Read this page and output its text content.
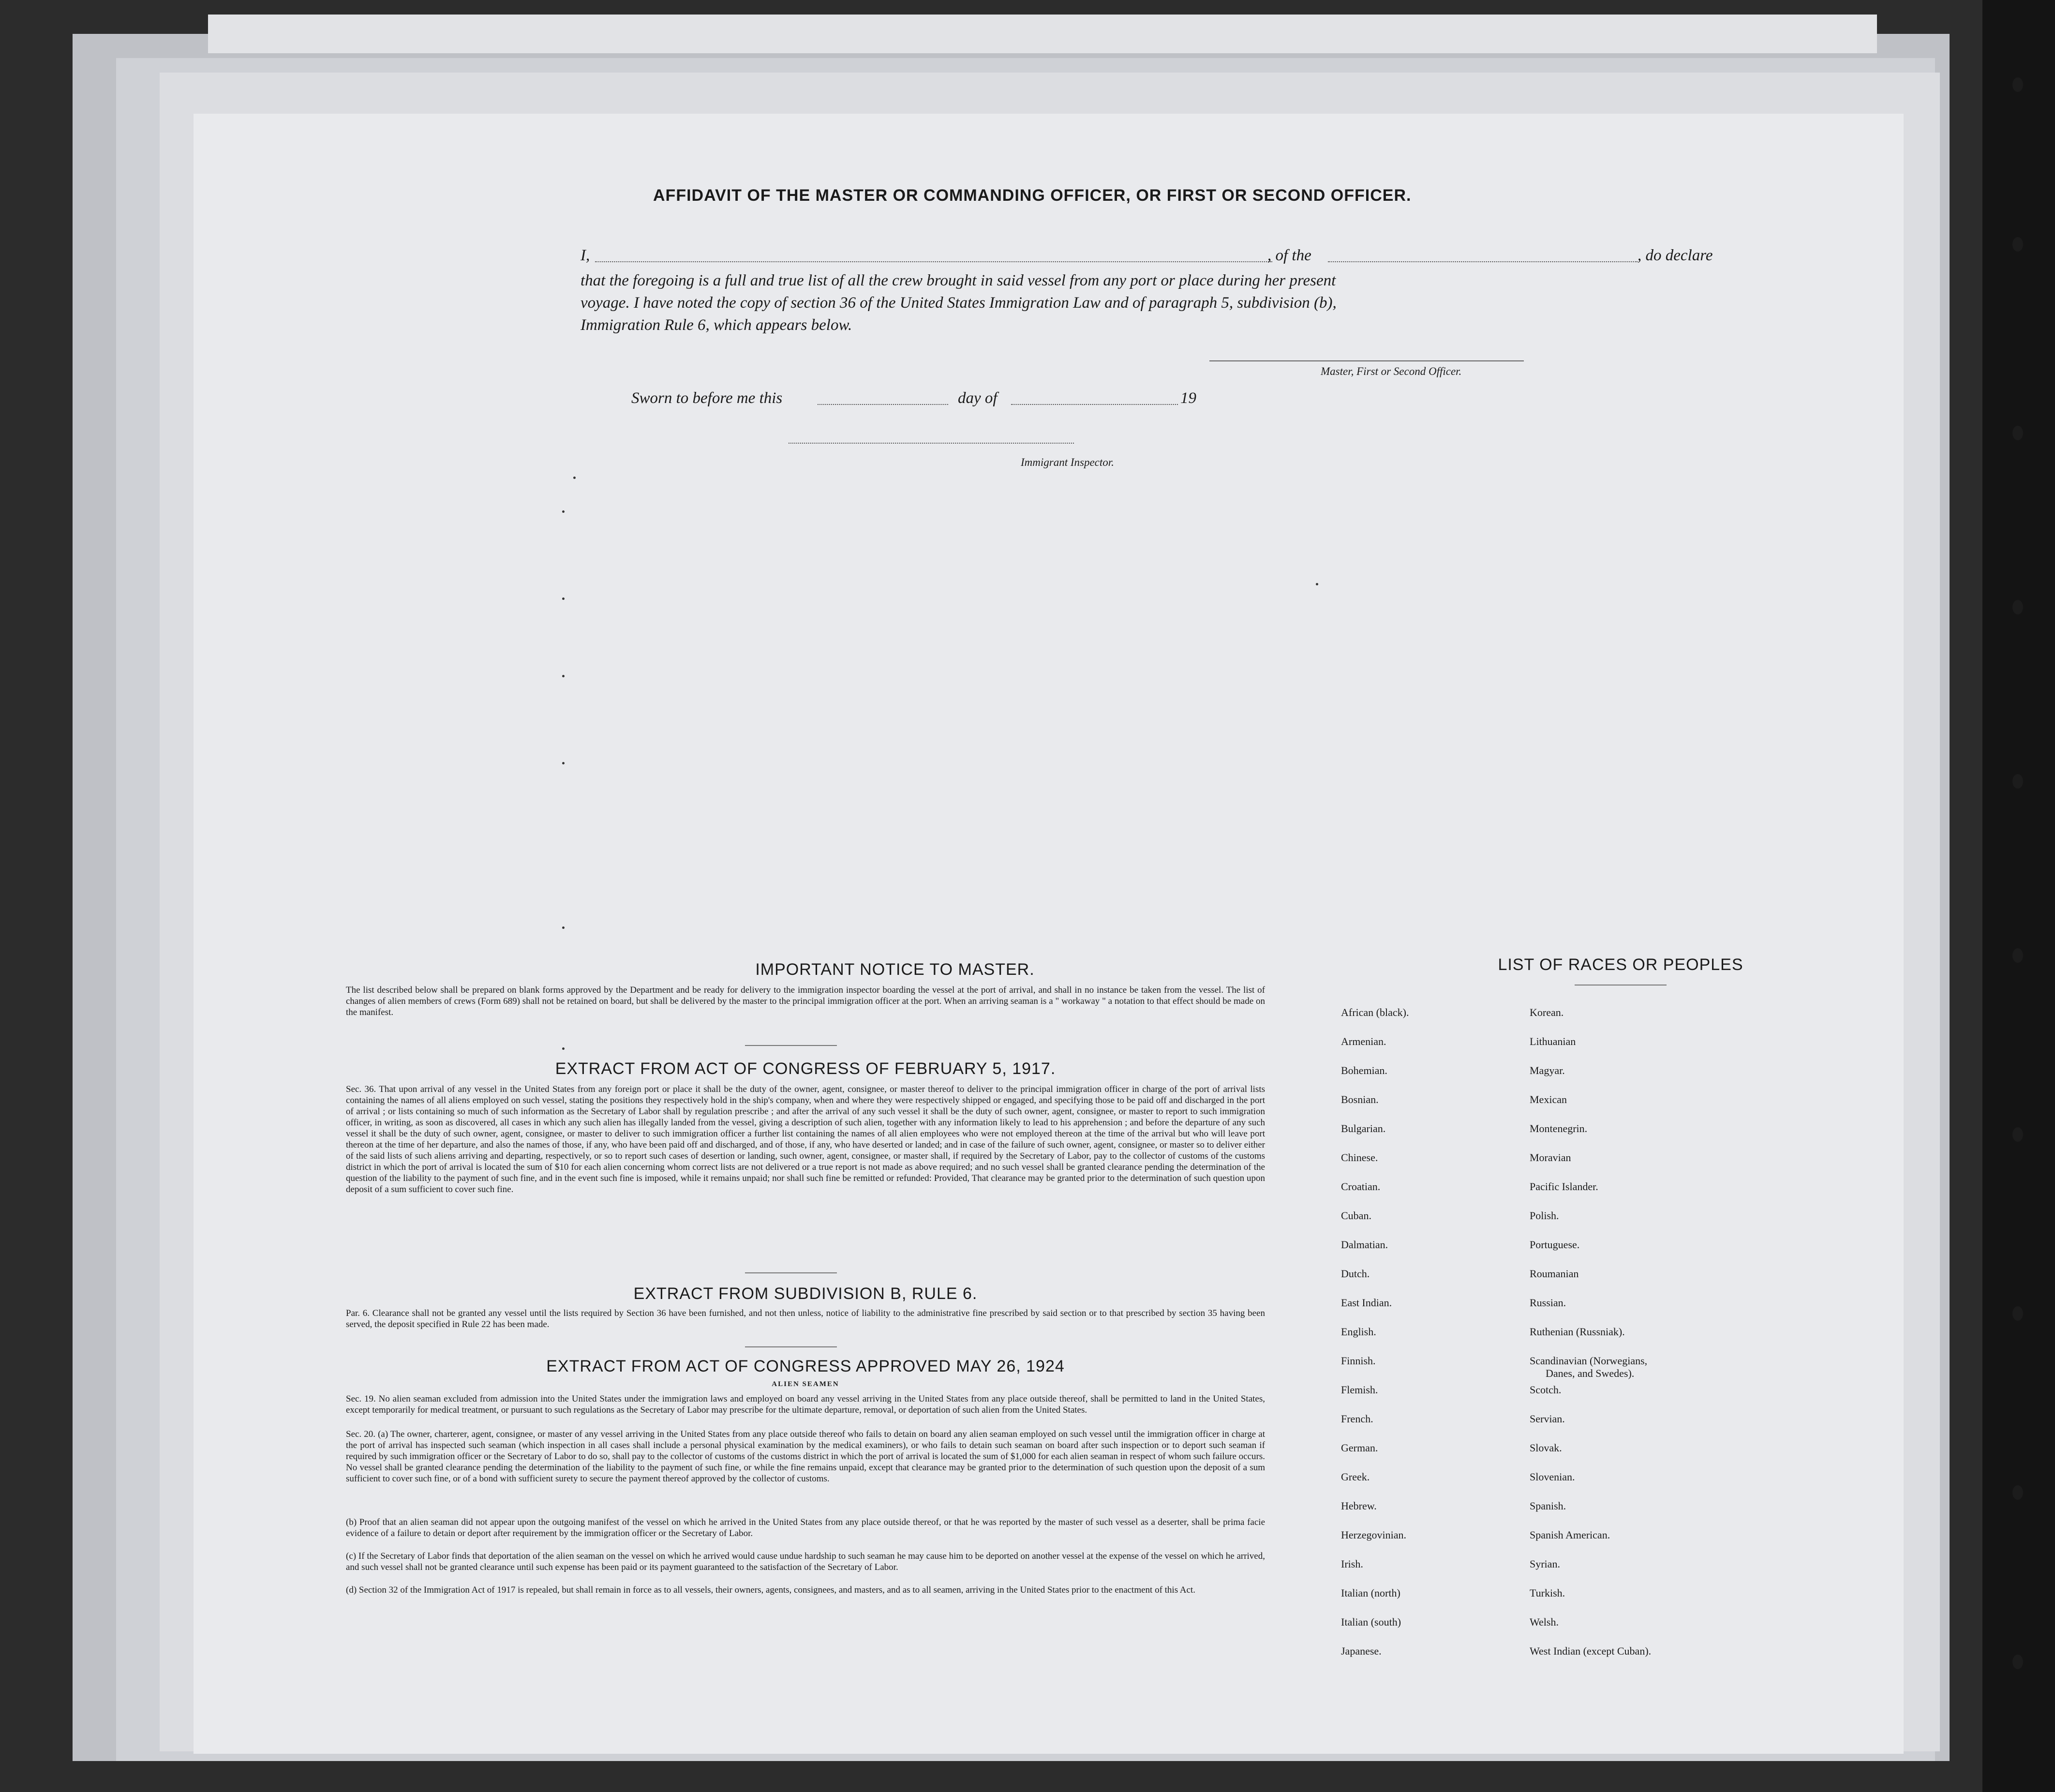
AFFIDAVIT OF THE MASTER OR COMMANDING OFFICER, OR FIRST OR SECOND OFFICER.
I,	, of the	, do declare
that the foregoing is a full and true list of all the crew brought in said vessel from any port or place during her present
voyage. I have noted the copy of section 36 of the United States Immigration Law and of paragraph 5, subdivision (b),
Immigration Rule 6, which appears below.
Master, First or Second Officer.
Sworn to before me this	day of	19
Immigrant Inspector.
IMPORTANT NOTICE TO MASTER.
The list described below shall be prepared on blank forms approved by the Department and be ready for delivery to the immigration inspector boarding the vessel at the port of arrival, and shall in no instance be taken from the vessel. The list of changes of alien members of crews (Form 689) shall not be retained on board, but shall be delivered by the master to the principal immigration officer at the port. When an arriving seaman is a " workaway " a notation to that effect should be made on the manifest.
EXTRACT FROM ACT OF CONGRESS OF FEBRUARY 5, 1917.
Sec. 36. That upon arrival of any vessel in the United States from any foreign port or place it shall be the duty of the owner, agent, consignee, or master thereof to deliver to the principal immigration officer in charge of the port of arrival lists containing the names of all aliens employed on such vessel, stating the positions they respectively hold in the ship's company, when and where they were respectively shipped or engaged, and specifying those to be paid off and discharged in the port of arrival ; or lists containing so much of such information as the Secretary of Labor shall by regulation prescribe ; and after the arrival of any such vessel it shall be the duty of such owner, agent, consignee, or master to report to such immigration officer, in writing, as soon as discovered, all cases in which any such alien has illegally landed from the vessel, giving a description of such alien, together with any information likely to lead to his apprehension ; and before the departure of any such vessel it shall be the duty of such owner, agent, consignee, or master to deliver to such immigration officer a further list containing the names of all alien employees who were not employed thereon at the time of the arrival but who will leave port thereon at the time of her departure, and also the names of those, if any, who have been paid off and discharged, and of those, if any, who have deserted or landed; and in case of the failure of such owner, agent, consignee, or master so to deliver either of the said lists of such aliens arriving and departing, respectively, or so to report such cases of desertion or landing, such owner, agent, consignee, or master shall, if required by the Secretary of Labor, pay to the collector of customs of the customs district in which the port of arrival is located the sum of $10 for each alien concerning whom correct lists are not delivered or a true report is not made as above required; and no such vessel shall be granted clearance pending the determination of the question of the liability to the payment of such fine, and in the event such fine is imposed, while it remains unpaid; nor shall such fine be remitted or refunded: Provided, That clearance may be granted prior to the determination of such question upon deposit of a sum sufficient to cover such fine.
EXTRACT FROM SUBDIVISION B, RULE 6.
Par. 6. Clearance shall not be granted any vessel until the lists required by Section 36 have been furnished, and not then unless, notice of liability to the administrative fine prescribed by said section or to that prescribed by section 35 having been served, the deposit specified in Rule 22 has been made.
EXTRACT FROM ACT OF CONGRESS APPROVED MAY 26, 1924
ALIEN SEAMEN
Sec. 19. No alien seaman excluded from admission into the United States under the immigration laws and employed on board any vessel arriving in the United States from any place outside thereof, shall be permitted to land in the United States, except temporarily for medical treatment, or pursuant to such regulations as the Secretary of Labor may prescribe for the ultimate departure, removal, or deportation of such alien from the United States.
Sec. 20. (a) The owner, charterer, agent, consignee, or master of any vessel arriving in the United States from any place outside thereof who fails to detain on board any alien seaman employed on such vessel until the immigration officer in charge at the port of arrival has inspected such seaman (which inspection in all cases shall include a personal physical examination by the medical examiners), or who fails to detain such seaman on board after such inspection or to deport such seaman if required by such immigration officer or the Secretary of Labor to do so, shall pay to the collector of customs of the customs district in which the port of arrival is located the sum of $1,000 for each alien seaman in respect of whom such failure occurs. No vessel shall be granted clearance pending the determination of the liability to the payment of such fine, or while the fine remains unpaid, except that clearance may be granted prior to the determination of such question upon the deposit of a sum sufficient to cover such fine, or of a bond with sufficient surety to secure the payment thereof approved by the collector of customs.
(b) Proof that an alien seaman did not appear upon the outgoing manifest of the vessel on which he arrived in the United States from any place outside thereof, or that he was reported by the master of such vessel as a deserter, shall be prima facie evidence of a failure to detain or deport after requirement by the immigration officer or the Secretary of Labor.
(c) If the Secretary of Labor finds that deportation of the alien seaman on the vessel on which he arrived would cause undue hardship to such seaman he may cause him to be deported on another vessel at the expense of the vessel on which he arrived, and such vessel shall not be granted clearance until such expense has been paid or its payment guaranteed to the satisfaction of the Secretary of Labor.
(d) Section 32 of the Immigration Act of 1917 is repealed, but shall remain in force as to all vessels, their owners, agents, consignees, and masters, and as to all seamen, arriving in the United States prior to the enactment of this Act.
LIST OF RACES OR PEOPLES
African (black).
Armenian.
Bohemian.
Bosnian.
Bulgarian.
Chinese.
Croatian.
Cuban.
Dalmatian.
Dutch.
East Indian.
English.
Finnish.
Flemish.
French.
German.
Greek.
Hebrew.
Herzegovinian.
Irish.
Italian (north)
Italian (south)
Japanese.
Korean.
Lithuanian
Magyar.
Mexican
Montenegrin.
Moravian
Pacific Islander.
Polish.
Portuguese.
Roumanian
Russian.
Ruthenian (Russniak).
Scandinavian (Norwegians,
Danes, and Swedes).
Scotch.
Servian.
Slovak.
Slovenian.
Spanish.
Spanish American.
Syrian.
Turkish.
Welsh.
West Indian (except Cuban).
